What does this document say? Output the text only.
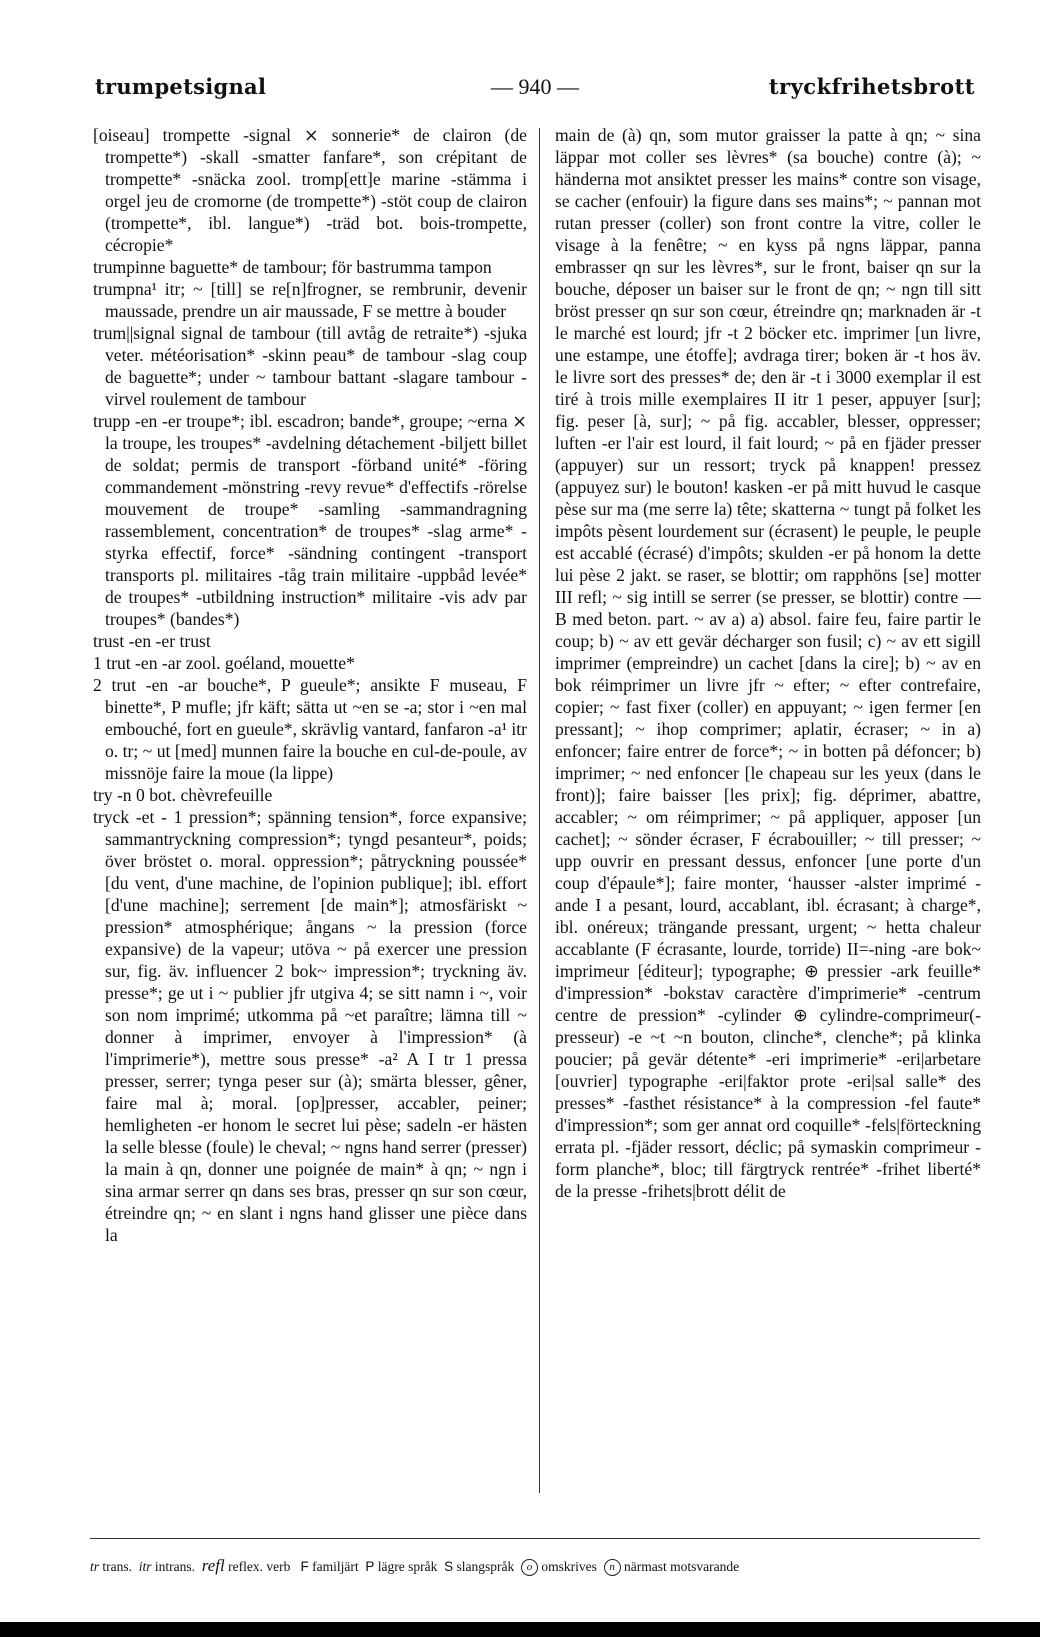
trumpetsignal	— 940 —	tryckfrihetsbrott

[oiseau] trompette -signal ⨯ sonnerie* de clairon (de trompette*) -skall -smatter fanfare*, son crépitant de trompette* -snäcka zool. tromp[ett]e marine -stämma i orgel jeu de cromorne (de trompette*) -stöt coup de clairon (trompette*, ibl. langue*) -träd bot. bois-trompette, cécropie*

trumpinne baguette* de tambour; för bastrumma tampon

trumpna¹ itr; ~ [till] se re[n]frogner, se rembrunir, devenir maussade, prendre un air maussade, F se mettre à bouder

trum||signal signal de tambour (till avtåg de retraite*) -sjuka veter. météorisation* -skinn peau* de tambour -slag coup de baguette*; under ~ tambour battant -slagare tambour -virvel roulement de tambour

trupp -en -er troupe*; ibl. escadron; bande*, groupe; ~erna ⨯ la troupe, les troupes* -avdelning détachement -biljett billet de soldat; permis de transport -förband unité* -föring commandement -mönstring -revy revue* d'effectifs -rörelse mouvement de troupe* -samling -sammandragning rassemblement, concentration* de troupes* -slag arme* -styrka effectif, force* -sändning contingent -transport transports pl. militaires -tåg train militaire -uppbåd levée* de troupes* -utbildning instruction* militaire -vis adv par troupes* (bandes*)

trust -en -er trust

1 trut -en -ar zool. goéland, mouette*

2 trut -en -ar bouche*, P gueule*; ansikte F museau, F binette*, P mufle; jfr käft; sätta ut ~en se -a; stor i ~en mal embouché, fort en gueule*, skrävlig vantard, fanfaron -a¹ itr o. tr; ~ ut [med] munnen faire la bouche en cul-de-poule, av missnöje faire la moue (la lippe)

try -n 0 bot. chèvrefeuille

tryck -et - 1 pression*; spänning tension*, force expansive; sammantryckning compression*; tyngd pesanteur*, poids; över bröstet o. moral. oppression*; påtryckning poussée* [du vent, d'une machine, de l'opinion publique]; ibl. effort [d'une machine]; serrement [de main*]; atmosfäriskt ~ pression* atmosphérique; ångans ~ la pression (force expansive) de la vapeur; utöva ~ på exercer une pression sur, fig. äv. influencer 2 bok~ impression*; tryckning äv. presse*; ge ut i ~ publier jfr utgiva 4; se sitt namn i ~, voir son nom imprimé; utkomma på ~et paraître; lämna till ~ donner à imprimer, envoyer à l'impression* (à l'imprimerie*), mettre sous presse* -a² A I tr 1 pressa presser, serrer; tynga peser sur (à); smärta blesser, gêner, faire mal à; moral. [op]presser, accabler, peiner; hemligheten -er honom le secret lui pèse; sadeln -er hästen la selle blesse (foule) le cheval; ~ ngns hand serrer (presser) la main à qn, donner une poignée de main* à qn; ~ ngn i sina armar serrer qn dans ses bras, presser qn sur son cœur, étreindre qn; ~ en slant i ngns hand glisser une pièce dans la

main de (à) qn, som mutor graisser la patte à qn; ~ sina läppar mot coller ses lèvres* (sa bouche) contre (à); ~ händerna mot ansiktet presser les mains* contre son visage, se cacher (enfouir) la figure dans ses mains*; ~ pannan mot rutan presser (coller) son front contre la vitre, coller le visage à la fenêtre; ~ en kyss på ngns läppar, panna embrasser qn sur les lèvres*, sur le front, baiser qn sur la bouche, déposer un baiser sur le front de qn; ~ ngn till sitt bröst presser qn sur son cœur, étreindre qn; marknaden är -t le marché est lourd; jfr -t 2 böcker etc. imprimer [un livre, une estampe, une étoffe]; avdraga tirer; boken är -t hos äv. le livre sort des presses* de; den är -t i 3000 exemplar il est tiré à trois mille exemplaires II itr 1 peser, appuyer [sur]; fig. peser [à, sur]; ~ på fig. accabler, blesser, oppresser; luften -er l'air est lourd, il fait lourd; ~ på en fjäder presser (appuyer) sur un ressort; tryck på knappen! pressez (appuyez sur) le bouton! kasken -er på mitt huvud le casque pèse sur ma (me serre la) tête; skatterna ~ tungt på folket les impôts pèsent lourdement sur (écrasent) le peuple, le peuple est accablé (écrasé) d'impôts; skulden -er på honom la dette lui pèse 2 jakt. se raser, se blottir; om rapphöns [se] motter III refl; ~ sig intill se serrer (se presser, se blottir) contre — B med beton. part. ~ av a) a) absol. faire feu, faire partir le coup; b) ~ av ett gevär décharger son fusil; c) ~ av ett sigill imprimer (empreindre) un cachet [dans la cire]; b) ~ av en bok réimprimer un livre jfr ~ efter; ~ efter contrefaire, copier; ~ fast fixer (coller) en appuyant; ~ igen fermer [en pressant]; ~ ihop comprimer; aplatir, écraser; ~ in a) enfoncer; faire entrer de force*; ~ in botten på défoncer; b) imprimer; ~ ned enfoncer [le chapeau sur les yeux (dans le front)]; faire baisser [les prix]; fig. déprimer, abattre, accabler; ~ om réimprimer; ~ på appliquer, apposer [un cachet]; ~ sönder écraser, F écrabouiller; ~ till presser; ~ upp ouvrir en pressant dessus, enfoncer [une porte d'un coup d'épaule*]; faire monter, ‘hausser -alster imprimé -ande I a pesant, lourd, accablant, ibl. écrasant; à charge*, ibl. onéreux; trängande pressant, urgent; ~ hetta chaleur accablante (F écrasante, lourde, torride) II=-ning -are bok~ imprimeur [éditeur]; typographe; ⊕ pressier -ark feuille* d'impression* -bokstav caractère d'imprimerie* -centrum centre de pression* -cylinder ⊕ cylindre-comprimeur(-presseur) -e ~t ~n bouton, clinche*, clenche*; på klinka poucier; på gevär détente* -eri imprimerie* -eri|arbetare [ouvrier] typographe -eri|faktor prote -eri|sal salle* des presses* -fasthet résistance* à la compression -fel faute* d'impression*; som ger annat ord coquille* -fels|förteckning errata pl. -fjäder ressort, déclic; på symaskin comprimeur -form planche*, bloc; till färgtryck rentrée* -frihet liberté* de la presse -frihets|brott délit de

tr trans. itr intrans. refl reflex. verb F familjärt P lägre språk S slangspråk o omskrives n närmast motsvarande
